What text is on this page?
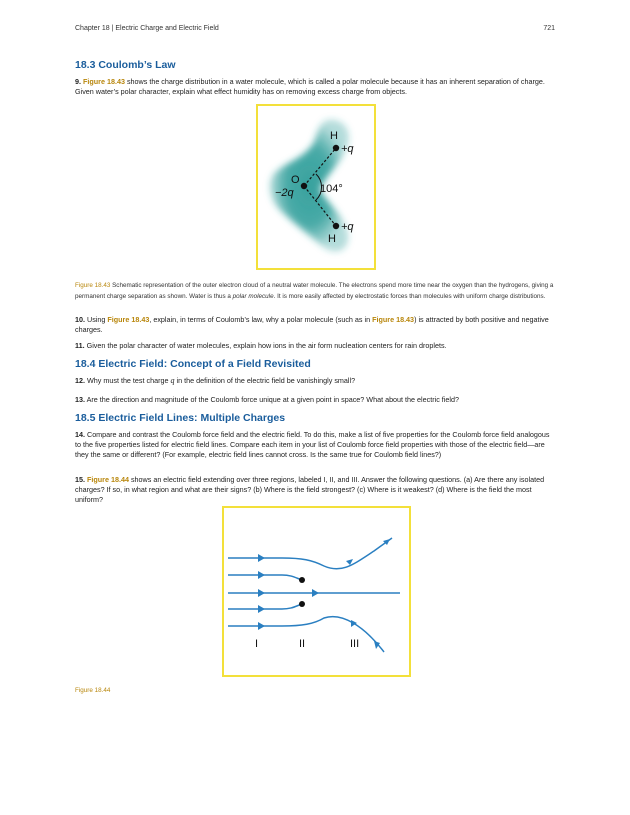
Chapter 18 | Electric Charge and Electric Field	721
18.3 Coulomb’s Law

9. Figure 18.43 shows the charge distribution in a water molecule, which is called a polar molecule because it has an inherent separation of charge. Given water’s polar character, explain what effect humidity has on removing excess charge from objects.

H
+q
O
−2q 104°
+q
H

Figure 18.43 Schematic representation of the outer electron cloud of a neutral water molecule. The electrons spend more time near the oxygen than the hydrogens, giving a permanent charge separation as shown. Water is thus a polar molecule. It is more easily affected by electrostatic forces than molecules with uniform charge distributions.

10. Using Figure 18.43, explain, in terms of Coulomb’s law, why a polar molecule (such as in Figure 18.43) is attracted by both positive and negative charges.

11. Given the polar character of water molecules, explain how ions in the air form nucleation centers for rain droplets.

18.4 Electric Field: Concept of a Field Revisited

12. Why must the test charge q in the definition of the electric field be vanishingly small?

13. Are the direction and magnitude of the Coulomb force unique at a given point in space? What about the electric field?

18.5 Electric Field Lines: Multiple Charges

14. Compare and contrast the Coulomb force field and the electric field. To do this, make a list of five properties for the Coulomb force field analogous to the five properties listed for electric field lines. Compare each item in your list of Coulomb force field properties with those of the electric field—are they the same or different? (For example, electric field lines cannot cross. Is the same true for Coulomb field lines?)

15. Figure 18.44 shows an electric field extending over three regions, labeled I, II, and III. Answer the following questions. (a) Are there any isolated charges? If so, in what region and what are their signs? (b) Where is the field strongest? (c) Where is it weakest? (d) Where is the field the most uniform?

I	II	III

Figure 18.44
